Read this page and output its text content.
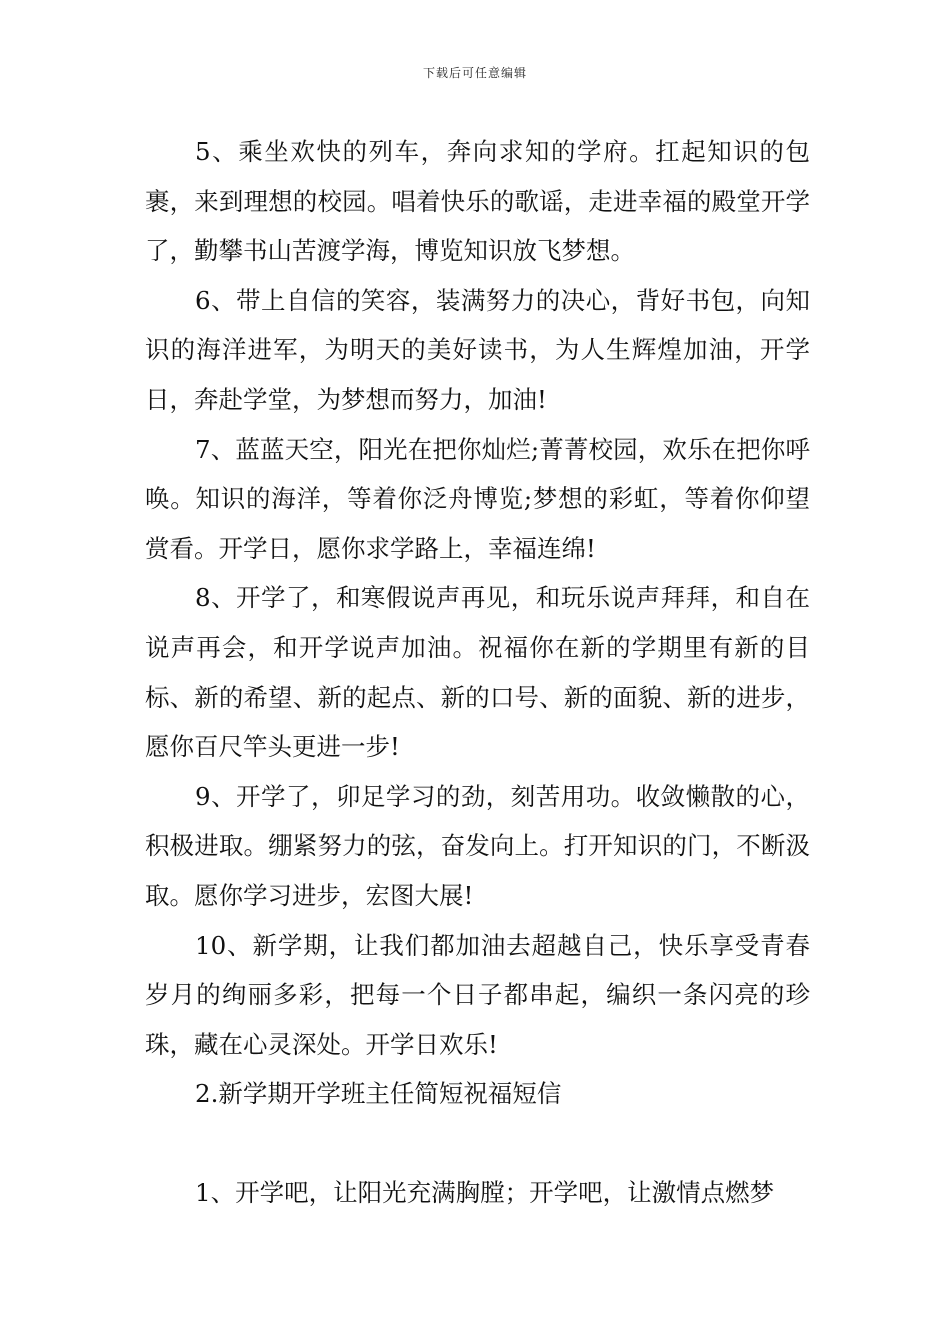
下载后可任意编辑

5、乘坐欢快的列车，奔向求知的学府。扛起知识的包裹，来到理想的校园。唱着快乐的歌谣，走进幸福的殿堂开学了，勤攀书山苦渡学海，博览知识放飞梦想。

6、带上自信的笑容，装满努力的决心，背好书包，向知识的海洋进军，为明天的美好读书，为人生辉煌加油，开学日，奔赴学堂，为梦想而努力，加油!

7、蓝蓝天空，阳光在把你灿烂;菁菁校园，欢乐在把你呼唤。知识的海洋，等着你泛舟博览;梦想的彩虹，等着你仰望赏看。开学日，愿你求学路上，幸福连绵!

8、开学了，和寒假说声再见，和玩乐说声拜拜，和自在说声再会，和开学说声加油。祝福你在新的学期里有新的目标、新的希望、新的起点、新的口号、新的面貌、新的进步，愿你百尺竿头更进一步!

9、开学了，卯足学习的劲，刻苦用功。收敛懒散的心，积极进取。绷紧努力的弦，奋发向上。打开知识的门，不断汲取。愿你学习进步，宏图大展!

10、新学期，让我们都加油去超越自己，快乐享受青春岁月的绚丽多彩，把每一个日子都串起，编织一条闪亮的珍珠，藏在心灵深处。开学日欢乐!

2.新学期开学班主任简短祝福短信

1、开学吧，让阳光充满胸膛；开学吧，让激情点燃梦
